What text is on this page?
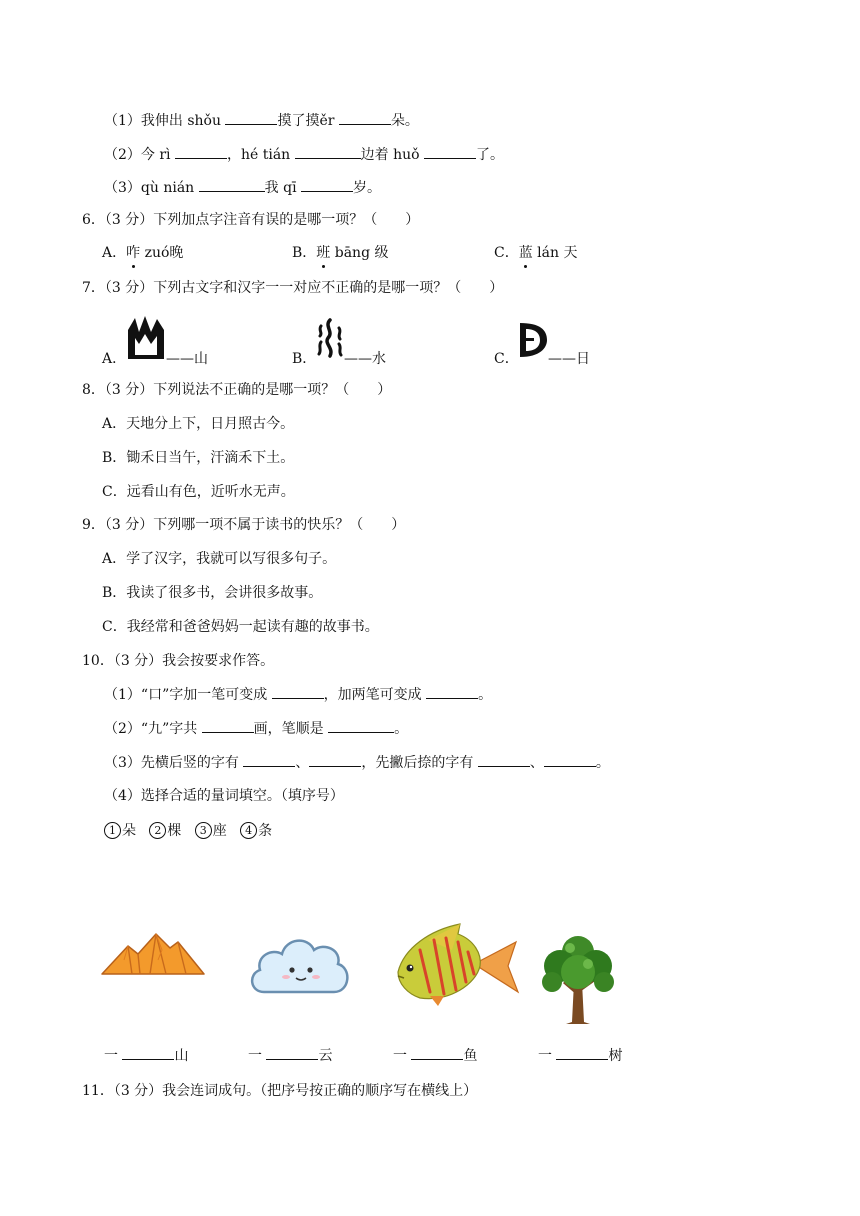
（1）我伸出 shǒu	摸了摸ěr	朵。
（2）今 rì	，hé tián	边着 huǒ	了。
（3）qù nián	我 qī	岁。
6．（3 分）下列加点字注音有误的是哪一项？（　　）
A．咋 zuó晚	B．班 bāng 级	C．蓝 lán 天
7．（3 分）下列古文字和汉字一一对应不正确的是哪一项？（　　）
A．	——山	B． ——水	C． ——日
8．（3 分）下列说法不正确的是哪一项？（　　）
A．天地分上下，日月照古今。
B．锄禾日当午，汗滴禾下土。
C．远看山有色，近听水无声。
9．（3 分）下列哪一项不属于读书的快乐？（　　）
A．学了汉字，我就可以写很多句子。
B．我读了很多书，会讲很多故事。
C．我经常和爸爸妈妈一起读有趣的故事书。
10．（3 分）我会按要求作答。
（1）“口”字加一笔可变成	，加两笔可变成	。
（2）“九”字共	画，笔顺是	。
（3）先横后竖的字有	、	，先撇后捺的字有	、	。
（4）选择合适的量词填空。（填序号）
1 朵 2 棵 3 座 4 条
一	山	一	云	一	鱼	一	树
11．（3 分）我会连词成句。（把序号按正确的顺序写在横线上）
